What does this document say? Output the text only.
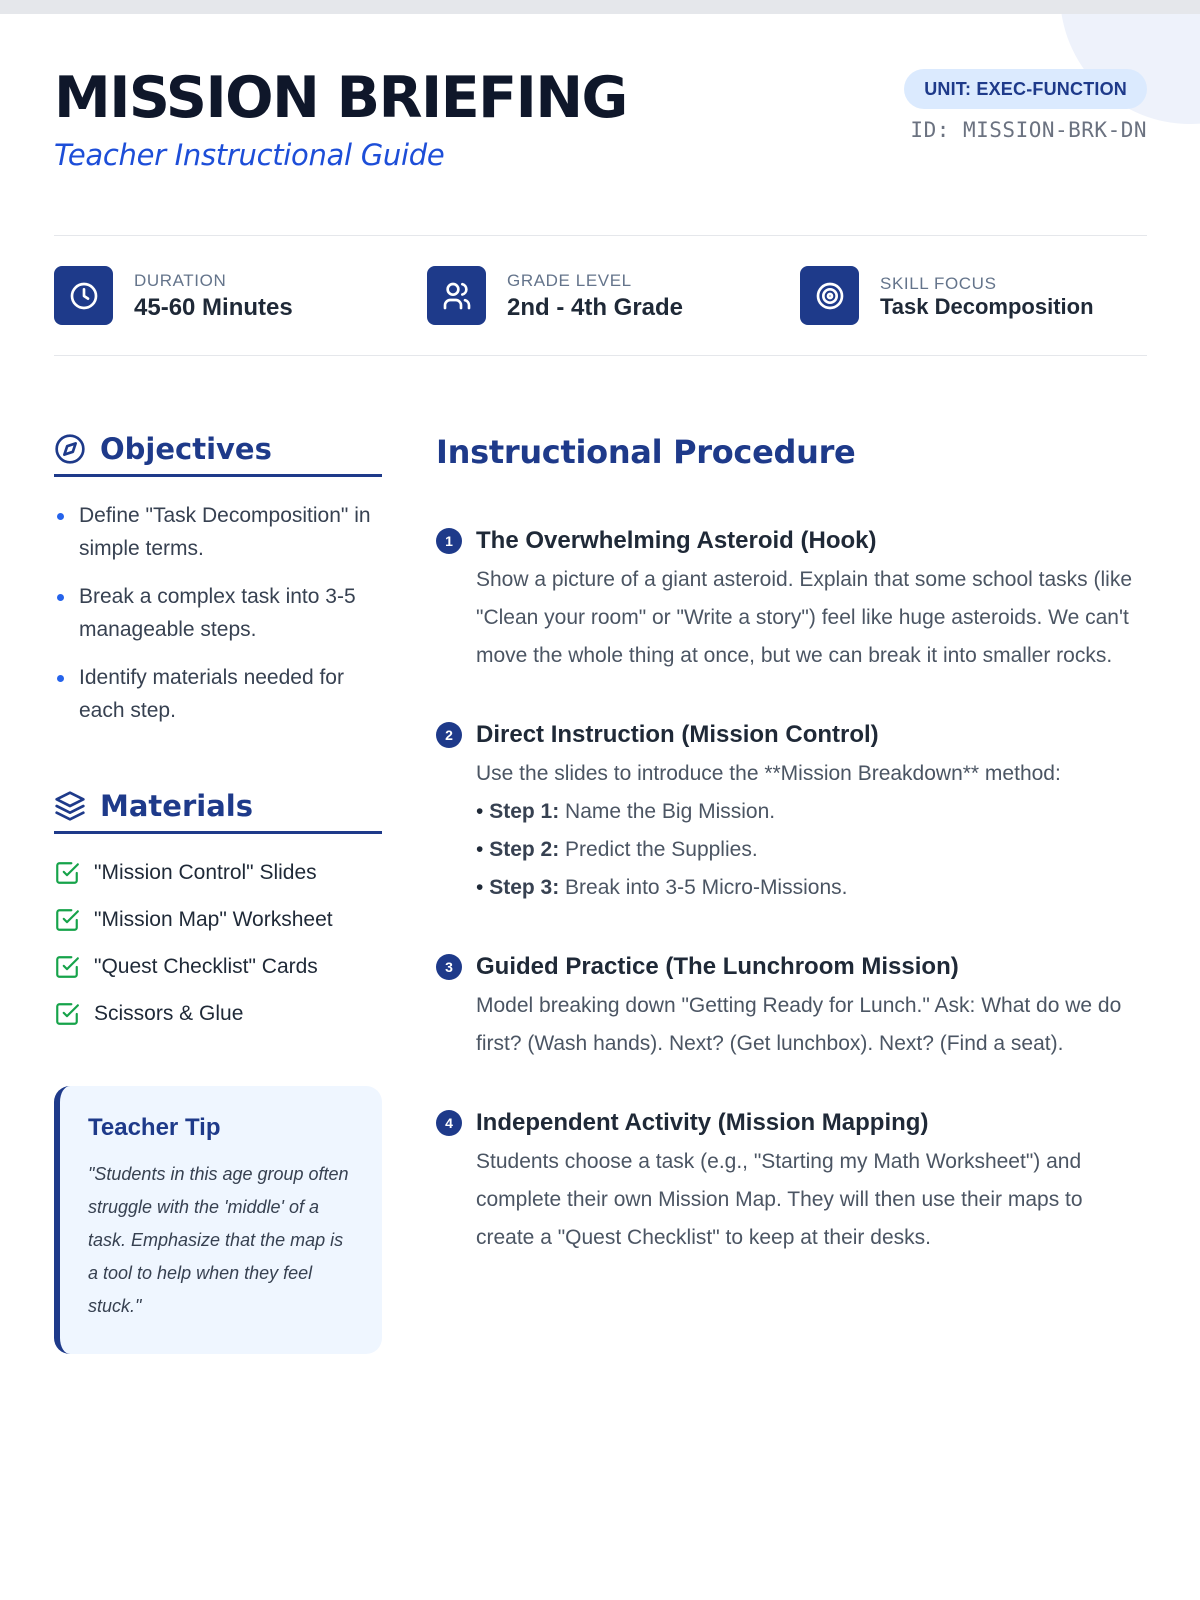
MISSION BRIEFING
Teacher Instructional Guide
UNIT: EXEC-FUNCTION
ID: MISSION-BRK-DN
DURATION
45-60 Minutes
GRADE LEVEL
2nd - 4th Grade
SKILL FOCUS
Task Decomposition
Objectives
Define "Task Decomposition" in simple terms.
Break a complex task into 3-5 manageable steps.
Identify materials needed for each step.
Materials
"Mission Control" Slides
"Mission Map" Worksheet
"Quest Checklist" Cards
Scissors & Glue
Teacher Tip
"Students in this age group often struggle with the 'middle' of a task. Emphasize that the map is a tool to help when they feel stuck."
Instructional Procedure
1 The Overwhelming Asteroid (Hook)
Show a picture of a giant asteroid. Explain that some school tasks (like "Clean your room" or "Write a story") feel like huge asteroids. We can't move the whole thing at once, but we can break it into smaller rocks.
2 Direct Instruction (Mission Control)
Use the slides to introduce the **Mission Breakdown** method:
• Step 1: Name the Big Mission.
• Step 2: Predict the Supplies.
• Step 3: Break into 3-5 Micro-Missions.
3 Guided Practice (The Lunchroom Mission)
Model breaking down "Getting Ready for Lunch." Ask: What do we do first? (Wash hands). Next? (Get lunchbox). Next? (Find a seat).
4 Independent Activity (Mission Mapping)
Students choose a task (e.g., "Starting my Math Worksheet") and complete their own Mission Map. They will then use their maps to create a "Quest Checklist" to keep at their desks.
